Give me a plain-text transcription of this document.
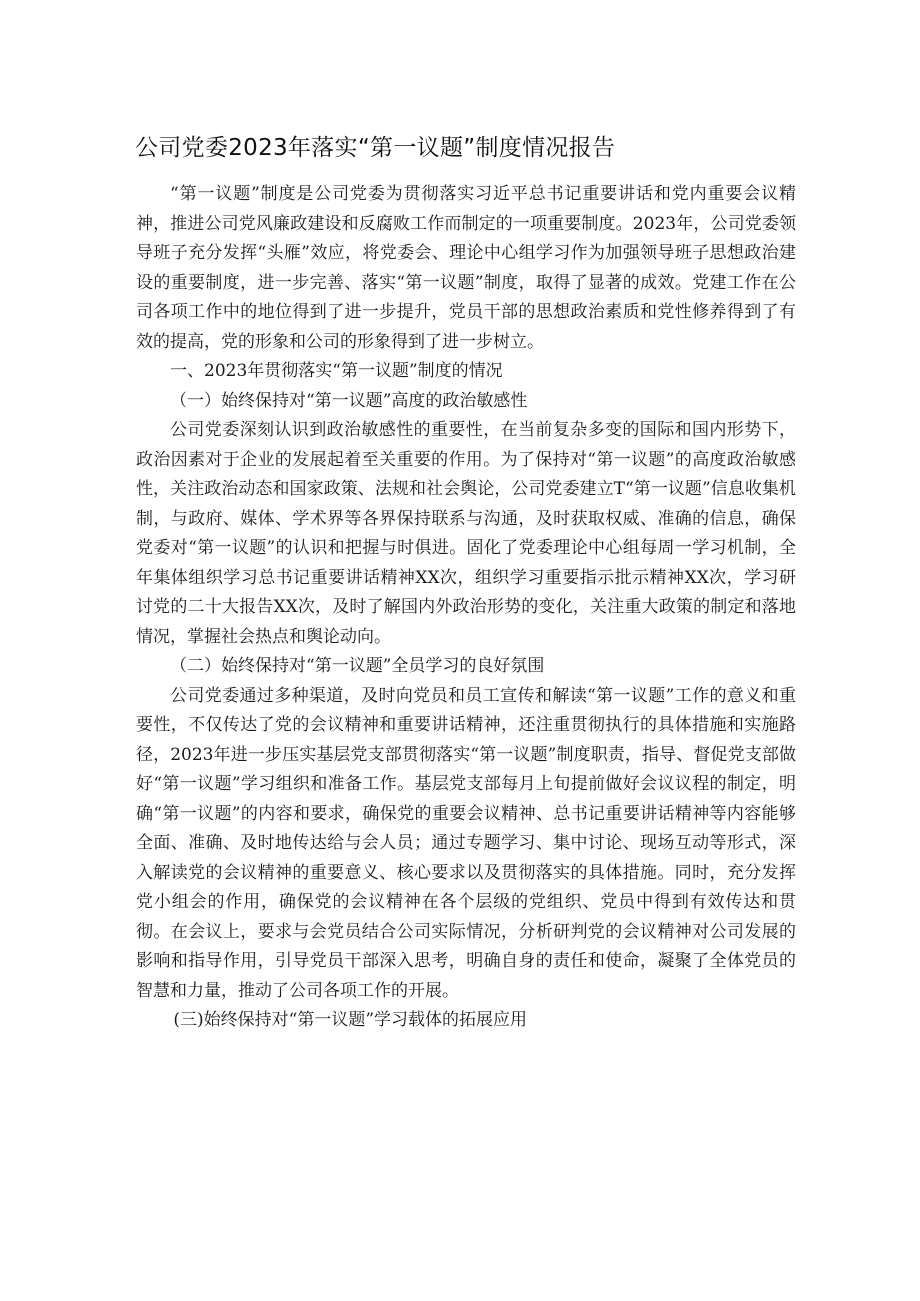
公司党委2023年落实“第一议题”制度情况报告

“第一议题”制度是公司党委为贯彻落实习近平总书记重要讲话和党内重要会议精神，推进公司党风廉政建设和反腐败工作而制定的一项重要制度。2023年，公司党委领导班子充分发挥“头雁”效应，将党委会、理论中心组学习作为加强领导班子思想政治建设的重要制度，进一步完善、落实“第一议题”制度，取得了显著的成效。党建工作在公司各项工作中的地位得到了进一步提升，党员干部的思想政治素质和党性修养得到了有效的提高，党的形象和公司的形象得到了进一步树立。

一、2023年贯彻落实“第一议题”制度的情况

（一）始终保持对“第一议题”高度的政治敏感性

公司党委深刻认识到政治敏感性的重要性，在当前复杂多变的国际和国内形势下，政治因素对于企业的发展起着至关重要的作用。为了保持对“第一议题”的高度政治敏感性，关注政治动态和国家政策、法规和社会舆论，公司党委建立T“第一议题”信息收集机制，与政府、媒体、学术界等各界保持联系与沟通，及时获取权威、准确的信息，确保党委对“第一议题”的认识和把握与时俱进。固化了党委理论中心组每周一学习机制，全年集体组织学习总书记重要讲话精神XX次，组织学习重要指示批示精神XX次，学习研讨党的二十大报告XX次，及时了解国内外政治形势的变化，关注重大政策的制定和落地情况，掌握社会热点和舆论动向。

（二）始终保持对“第一议题”全员学习的良好氛围

公司党委通过多种渠道，及时向党员和员工宣传和解读“第一议题”工作的意义和重要性，不仅传达了党的会议精神和重要讲话精神，还注重贯彻执行的具体措施和实施路径，2023年进一步压实基层党支部贯彻落实“第一议题”制度职责，指导、督促党支部做好“第一议题”学习组织和准备工作。基层党支部每月上旬提前做好会议议程的制定，明确“第一议题”的内容和要求，确保党的重要会议精神、总书记重要讲话精神等内容能够全面、准确、及时地传达给与会人员；通过专题学习、集中讨论、现场互动等形式，深入解读党的会议精神的重要意义、核心要求以及贯彻落实的具体措施。同时，充分发挥党小组会的作用，确保党的会议精神在各个层级的党组织、党员中得到有效传达和贯彻。在会议上，要求与会党员结合公司实际情况，分析研判党的会议精神对公司发展的影响和指导作用，引导党员干部深入思考，明确自身的责任和使命，凝聚了全体党员的智慧和力量，推动了公司各项工作的开展。

(三)始终保持对“第一议题”学习载体的拓展应用
